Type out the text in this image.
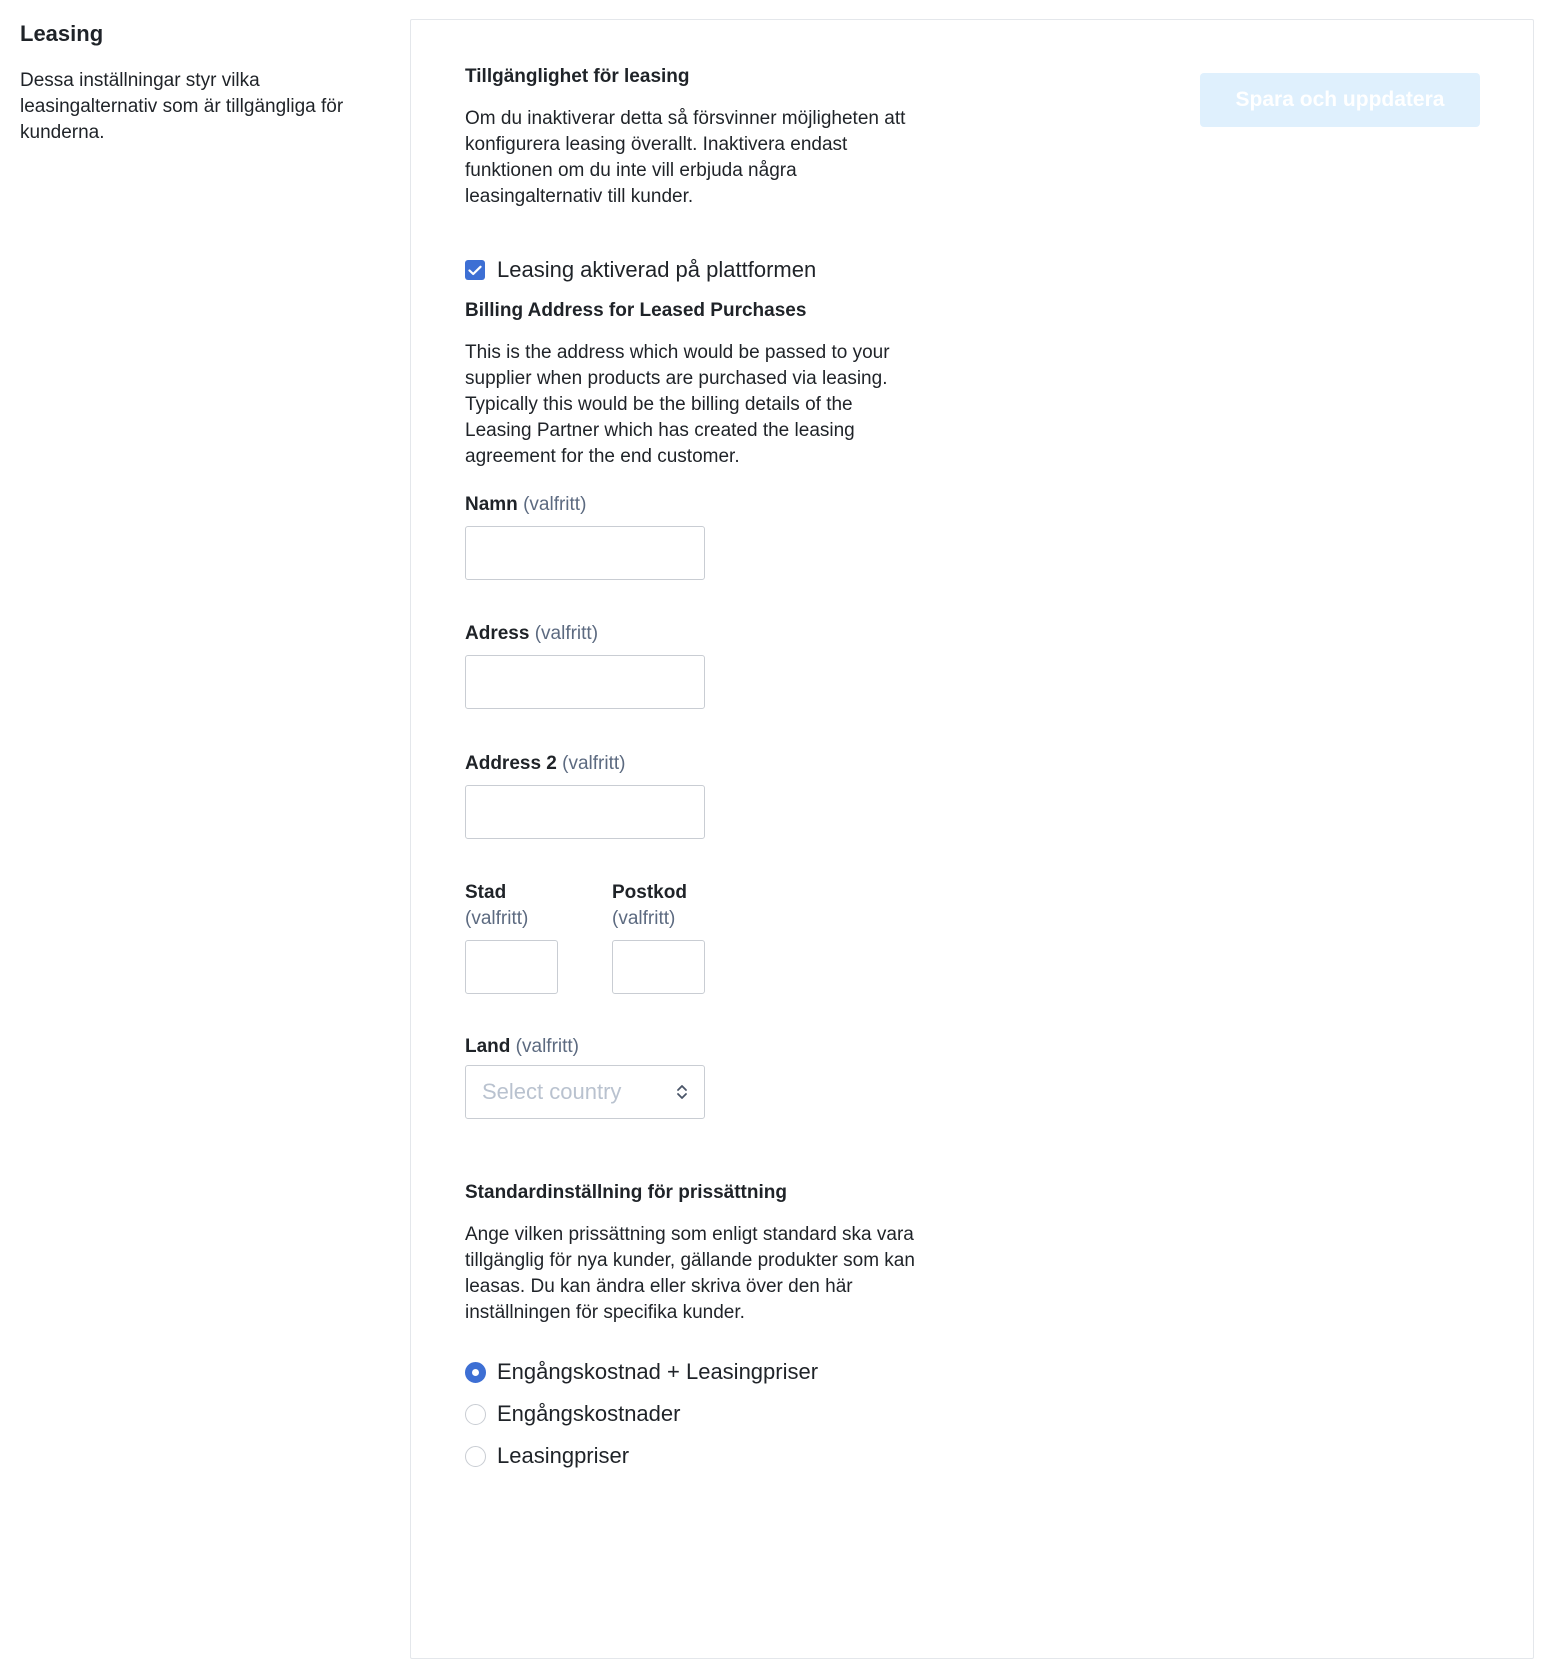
Leasing
Dessa inställningar styr vilka leasingalternativ som är tillgängliga för kunderna.
Spara och uppdatera
Tillgänglighet för leasing
Om du inaktiverar detta så försvinner möjligheten att konfigurera leasing överallt. Inaktivera endast funktionen om du inte vill erbjuda några leasingalternativ till kunder.
Leasing aktiverad på plattformen
Billing Address for Leased Purchases
This is the address which would be passed to your supplier when products are purchased via leasing. Typically this would be the billing details of the Leasing Partner which has created the leasing agreement for the end customer.
Namn (valfritt)
Adress (valfritt)
Address 2 (valfritt)
Stad
(valfritt)
Postkod
(valfritt)
Land (valfritt)
Select country
Standardinställning för prissättning
Ange vilken prissättning som enligt standard ska vara tillgänglig för nya kunder, gällande produkter som kan leasas. Du kan ändra eller skriva över den här inställningen för specifika kunder.
Engångskostnad + Leasingpriser
Engångskostnader
Leasingpriser
